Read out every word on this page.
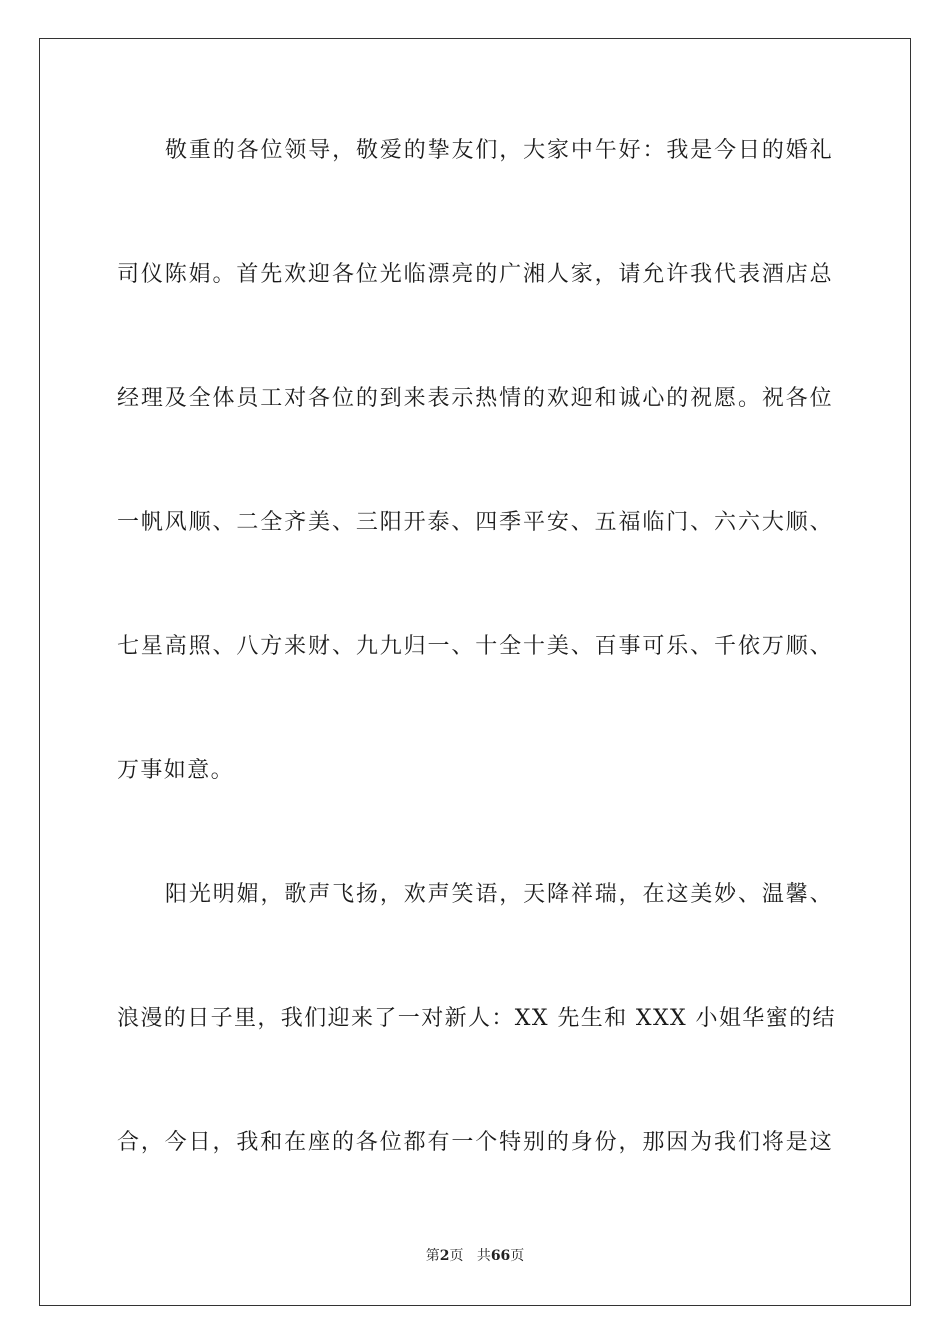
敬重的各位领导，敬爱的挚友们，大家中午好：我是今日的婚礼
司仪陈娟。首先欢迎各位光临漂亮的广湘人家，请允许我代表酒店总
经理及全体员工对各位的到来表示热情的欢迎和诚心的祝愿。祝各位
一帆风顺、二全齐美、三阳开泰、四季平安、五福临门、六六大顺、
七星高照、八方来财、九九归一、十全十美、百事可乐、千依万顺、
万事如意。
阳光明媚，歌声飞扬，欢声笑语，天降祥瑞，在这美妙、温馨、
浪漫的日子里，我们迎来了一对新人：XX 先生和 XXX 小姐华蜜的结
合，今日，我和在座的各位都有一个特别的身份，那因为我们将是这
第2页 共66页
